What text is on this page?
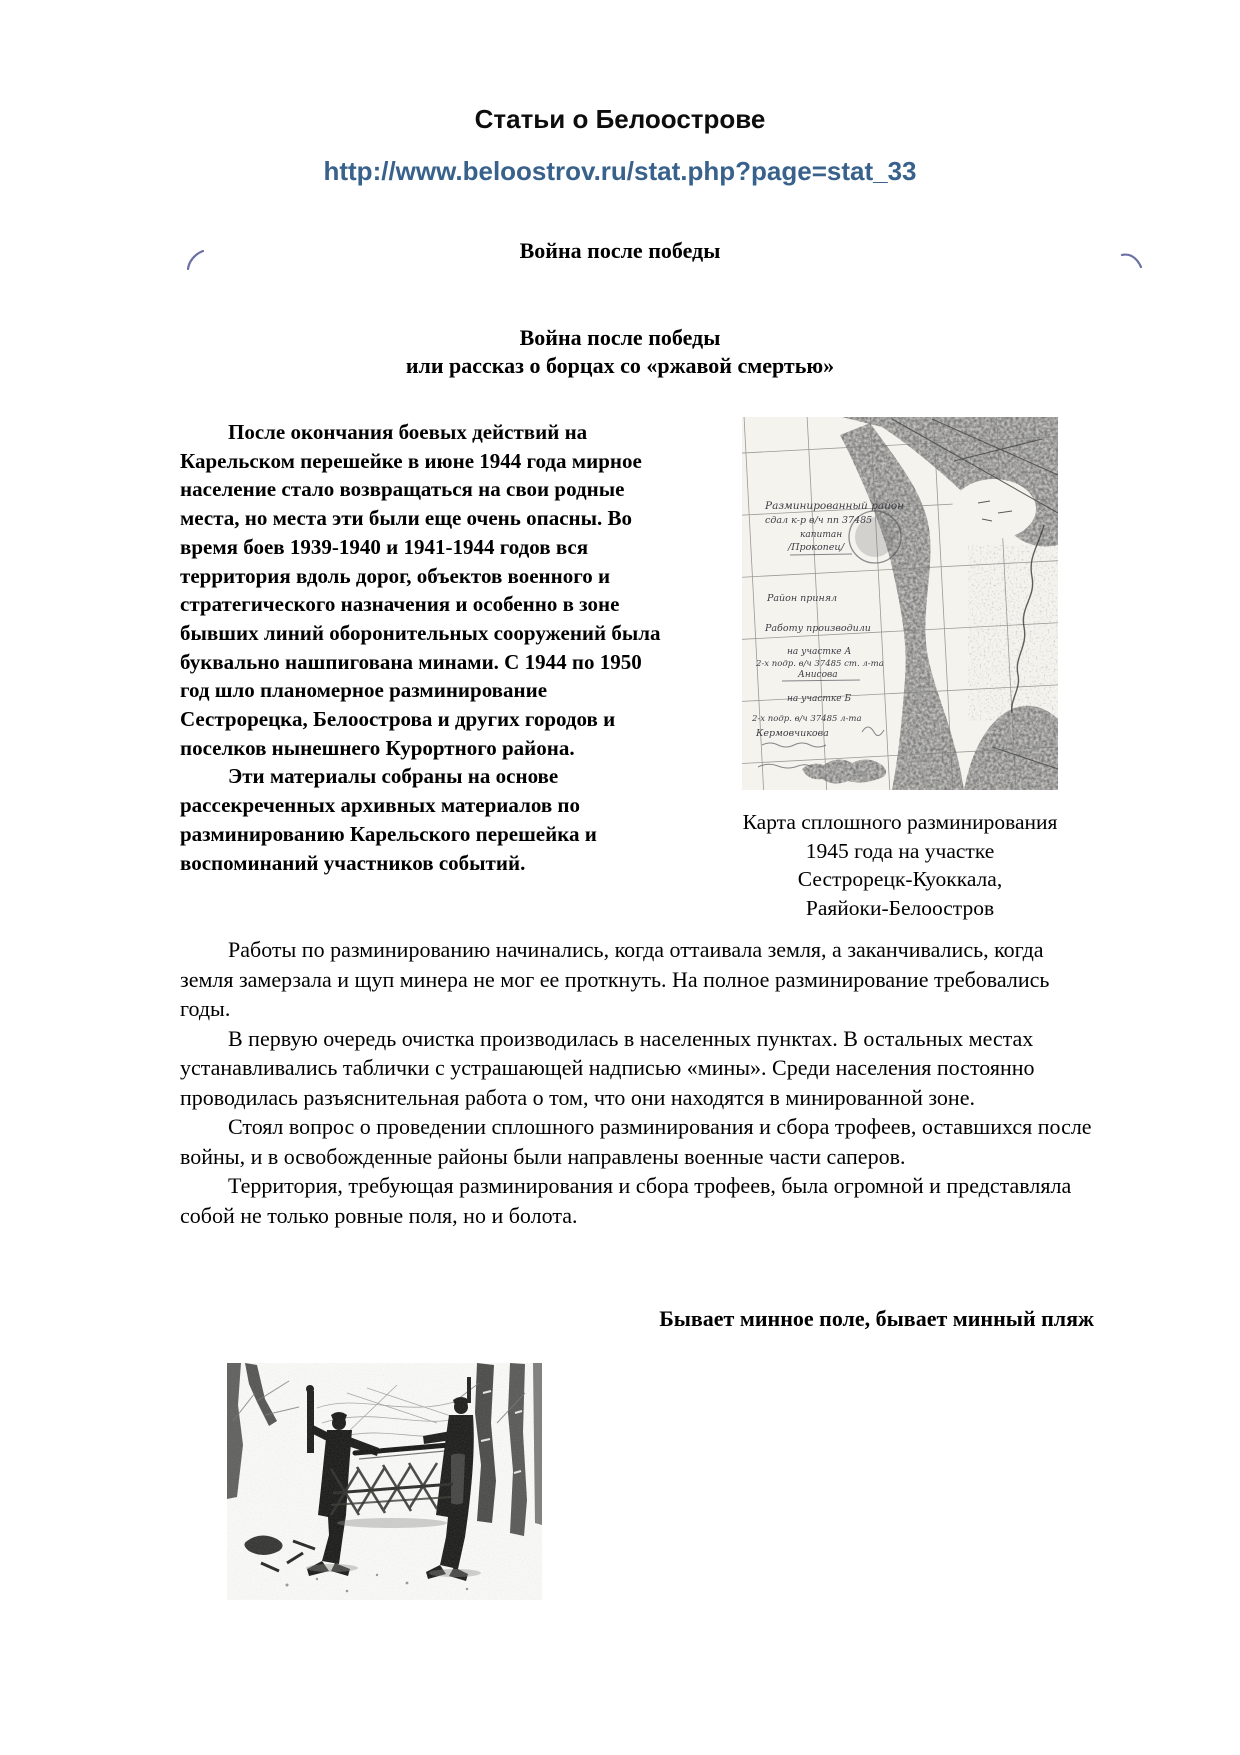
Статьи о Белоострове
http://www.beloostrov.ru/stat.php?page=stat_33
Война после победы
Война после победы
или рассказ о борцах со «ржавой смертью»

После окончания боевых действий на Карельском перешейке в июне 1944 года мирное население стало возвращаться на свои родные места, но места эти были еще очень опасны. Во время боев 1939-1940 и 1941-1944 годов вся территория вдоль дорог, объектов военного и стратегического назначения и особенно в зоне бывших линий оборонительных сооружений была буквально нашпигована минами. С 1944 по 1950 год шло планомерное разминирование Сестрорецка, Белоострова и других городов и поселков нынешнего Курортного района.

Эти материалы собраны на основе рассекреченных архивных материалов по разминированию Карельского перешейка и воспоминаний участников событий.

Разминированный район
сдал к-р в/ч пп 37485
капитан
/Прокопец/
Район принял
Работу производили
на участке А
2-х подр. в/ч 37485 ст. л-та
Анисова
на участке Б
2-х подр. в/ч 37485 л-та
Кермовчикова
Карта сплошного разминирования
1945 года на участке
Сестрорецк-Куоккала,
Раяйоки-Белоостров

Работы по разминированию начинались, когда оттаивала земля, а заканчивались, когда земля замерзала и щуп минера не мог ее проткнуть. На полное разминирование требовались годы.

В первую очередь очистка производилась в населенных пунктах. В остальных местах устанавливались таблички с устрашающей надписью «мины». Среди населения постоянно проводилась разъяснительная работа о том, что они находятся в минированной зоне.

Стоял вопрос о проведении сплошного разминирования и сбора трофеев, оставшихся после войны, и в освобожденные районы были направлены военные части саперов.

Территория, требующая разминирования и сбора трофеев, была огромной и представляла собой не только ровные поля, но и болота.

Бывает минное поле, бывает минный пляж
